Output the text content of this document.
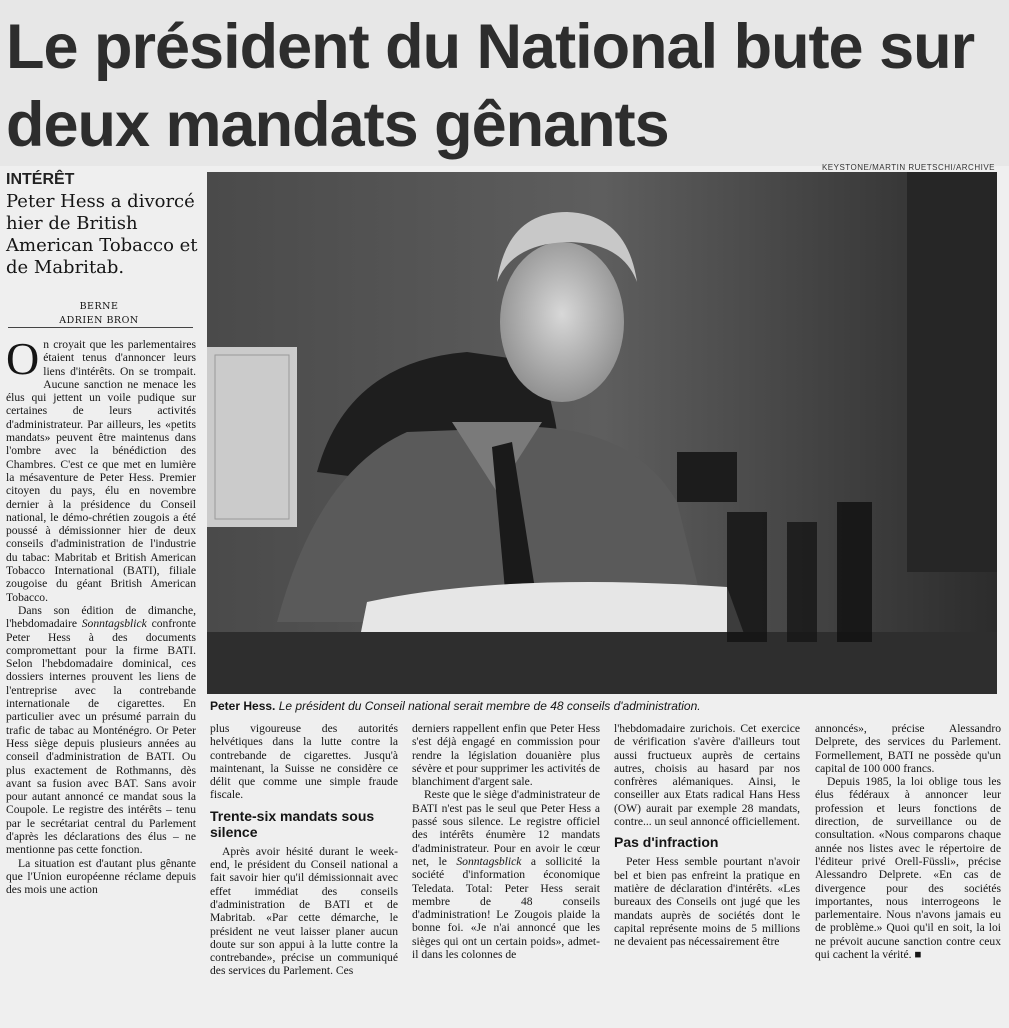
Le président du National bute sur deux mandats gênants
KEYSTONE/MARTIN RUETSCHI/ARCHIVE
INTÉRÊT
Peter Hess a divorcé hier de British American Tobacco et de Mabritab.
BERNE
ADRIEN BRON

On croyait que les parlementaires étaient tenus d'annoncer leurs liens d'intérêts. On se trompait. Aucune sanction ne menace les élus qui jettent un voile pudique sur certaines de leurs activités d'administrateur. Par ailleurs, les «petits mandats» peuvent être maintenus dans l'ombre avec la bénédiction des Chambres. C'est ce que met en lumière la mésaventure de Peter Hess. Premier citoyen du pays, élu en novembre dernier à la présidence du Conseil national, le démo-chrétien zougois a été poussé à démissionner hier de deux conseils d'administration de l'industrie du tabac: Mabritab et British American Tobacco International (BATI), filiale zougoise du géant British American Tobacco.

Dans son édition de dimanche, l'hebdomadaire Sonntagsblick confronte Peter Hess à des documents compromettant pour la firme BATI. Selon l'hebdomadaire dominical, ces dossiers internes prouvent les liens de l'entreprise avec la contrebande internationale de cigarettes. En particulier avec un présumé parrain du trafic de tabac au Monténégro. Or Peter Hess siège depuis plusieurs années au conseil d'administration de BATI. Ou plus exactement de Rothmanns, dès avant sa fusion avec BAT. Sans avoir pour autant annoncé ce mandat sous la Coupole. Le registre des intérêts – tenu par le secrétariat central du Parlement d'après les déclarations des élus – ne mentionne pas cette fonction.

La situation est d'autant plus gênante que l'Union européenne réclame depuis des mois une action

Peter Hess. Le président du Conseil national serait membre de 48 conseils d'administration.

plus vigoureuse des autorités helvétiques dans la lutte contre la contrebande de cigarettes. Jusqu'à maintenant, la Suisse ne considère ce délit que comme une simple fraude fiscale.

Trente-six mandats sous silence

Après avoir hésité durant le week-end, le président du Conseil national a fait savoir hier qu'il démissionnait avec effet immédiat des conseils d'administration de BATI et de Mabritab. «Par cette démarche, le président ne veut laisser planer aucun doute sur son appui à la lutte contre la contrebande», précise un communiqué des services du Parlement. Ces

derniers rappellent enfin que Peter Hess s'est déjà engagé en commission pour rendre la législation douanière plus sévère et pour supprimer les activités de blanchiment d'argent sale.

Reste que le siège d'administrateur de BATI n'est pas le seul que Peter Hess a passé sous silence. Le registre officiel des intérêts énumère 12 mandats d'administrateur. Pour en avoir le cœur net, le Sonntagsblick a sollicité la société d'information économique Teledata. Total: Peter Hess serait membre de 48 conseils d'administration! Le Zougois plaide la bonne foi. «Je n'ai annoncé que les sièges qui ont un certain poids», admet-il dans les colonnes de

l'hebdomadaire zurichois. Cet exercice de vérification s'avère d'ailleurs tout aussi fructueux auprès de certains autres, choisis au hasard par nos confrères alémaniques. Ainsi, le conseiller aux Etats radical Hans Hess (OW) aurait par exemple 28 mandats, contre... un seul annoncé officiellement.

Pas d'infraction

Peter Hess semble pourtant n'avoir bel et bien pas enfreint la pratique en matière de déclaration d'intérêts. «Les bureaux des Conseils ont jugé que les mandats auprès de sociétés dont le capital représente moins de 5 millions ne devaient pas nécessairement être

annoncés», précise Alessandro Delprete, des services du Parlement. Formellement, BATI ne possède qu'un capital de 100 000 francs.

Depuis 1985, la loi oblige tous les élus fédéraux à annoncer leur profession et leurs fonctions de direction, de surveillance ou de consultation. «Nous comparons chaque année nos listes avec le répertoire de l'éditeur privé Orell-Füssli», précise Alessandro Delprete. «En cas de divergence pour des sociétés importantes, nous interrogeons le parlementaire. Nous n'avons jamais eu de problème.» Quoi qu'il en soit, la loi ne prévoit aucune sanction contre ceux qui cachent la vérité. ■
